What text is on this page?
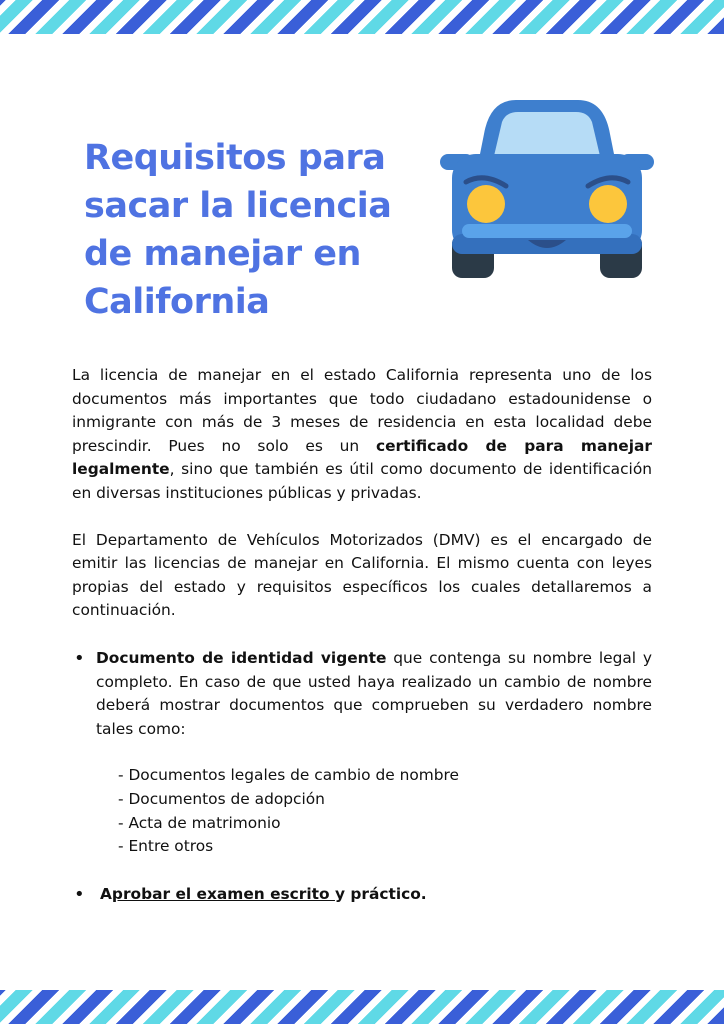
Requisitos para sacar la licencia de manejar en California

La licencia de manejar en el estado California representa uno de los documentos más importantes que todo ciudadano estadounidense o inmigrante con más de 3 meses de residencia en esta localidad debe prescindir. Pues no solo es un certificado de para manejar legalmente, sino que también es útil como documento de identificación en diversas instituciones públicas y privadas.

El Departamento de Vehículos Motorizados (DMV) es el encargado de emitir las licencias de manejar en California. El mismo cuenta con leyes propias del estado y requisitos específicos los cuales detallaremos a continuación.

• Documento de identidad vigente que contenga su nombre legal y completo. En caso de que usted haya realizado un cambio de nombre deberá mostrar documentos que comprueben su verdadero nombre tales como:

- Documentos legales de cambio de nombre
- Documentos de adopción
- Acta de matrimonio
- Entre otros
• Aprobar el examen escrito y práctico.
